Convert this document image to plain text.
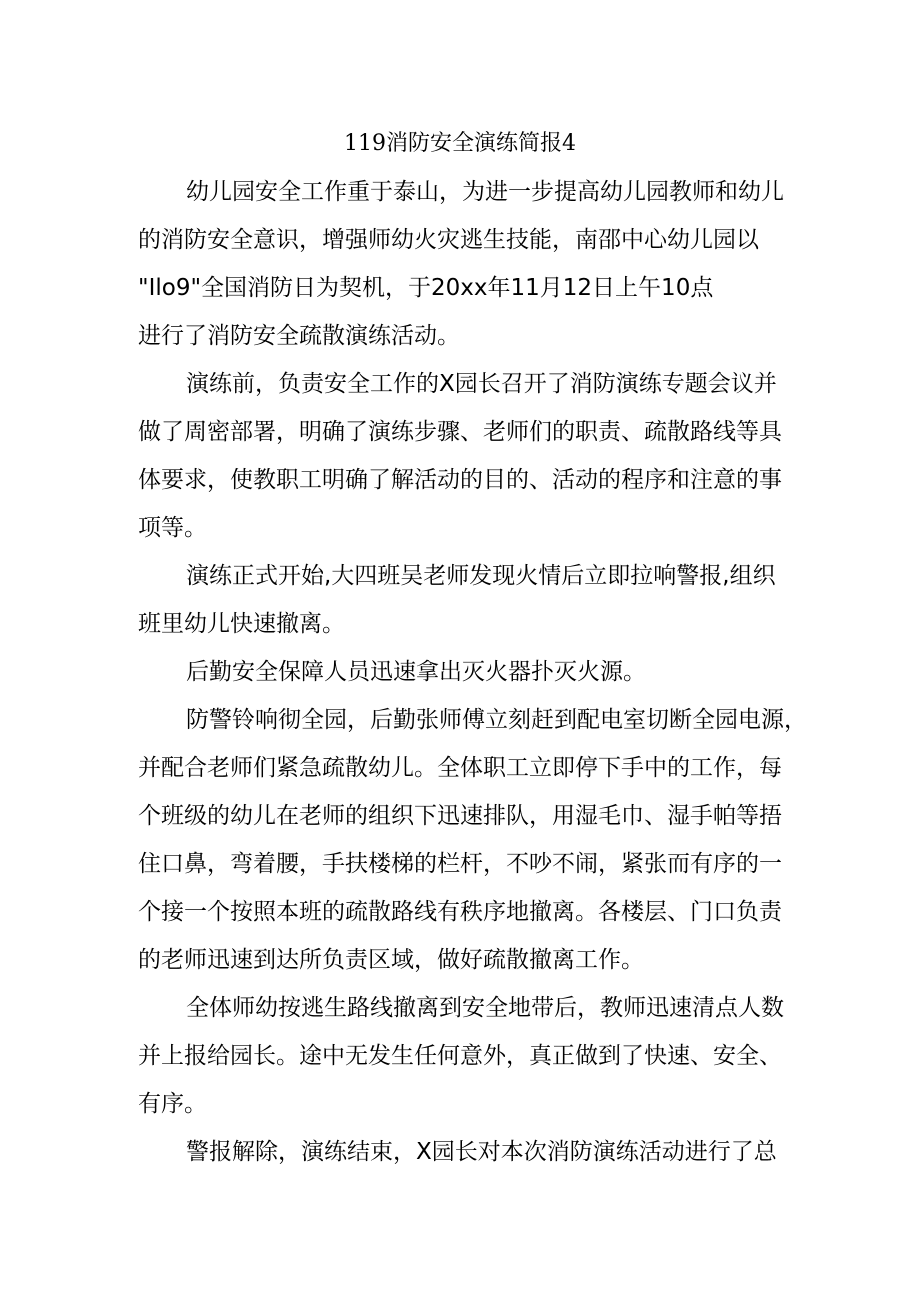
119消防安全演练简报4
幼儿园安全工作重于泰山，为进一步提高幼儿园教师和幼儿
的消防安全意识，增强师幼火灾逃生技能，南邵中心幼儿园以
"Ilo9"全国消防日为契机，于20xx年11月12日上午10点
进行了消防安全疏散演练活动。
演练前，负责安全工作的X园长召开了消防演练专题会议并
做了周密部署，明确了演练步骤、老师们的职责、疏散路线等具
体要求，使教职工明确了解活动的目的、活动的程序和注意的事
项等。
演练正式开始,大四班吴老师发现火情后立即拉响警报,组织
班里幼儿快速撤离。
后勤安全保障人员迅速拿出灭火器扑灭火源。
防警铃响彻全园，后勤张师傅立刻赶到配电室切断全园电源，
并配合老师们紧急疏散幼儿。全体职工立即停下手中的工作，每
个班级的幼儿在老师的组织下迅速排队，用湿毛巾、湿手帕等捂
住口鼻，弯着腰，手扶楼梯的栏杆，不吵不闹，紧张而有序的一
个接一个按照本班的疏散路线有秩序地撤离。各楼层、门口负责
的老师迅速到达所负责区域，做好疏散撤离工作。
全体师幼按逃生路线撤离到安全地带后，教师迅速清点人数
并上报给园长。途中无发生任何意外，真正做到了快速、安全、
有序。
警报解除，演练结束，X园长对本次消防演练活动进行了总
